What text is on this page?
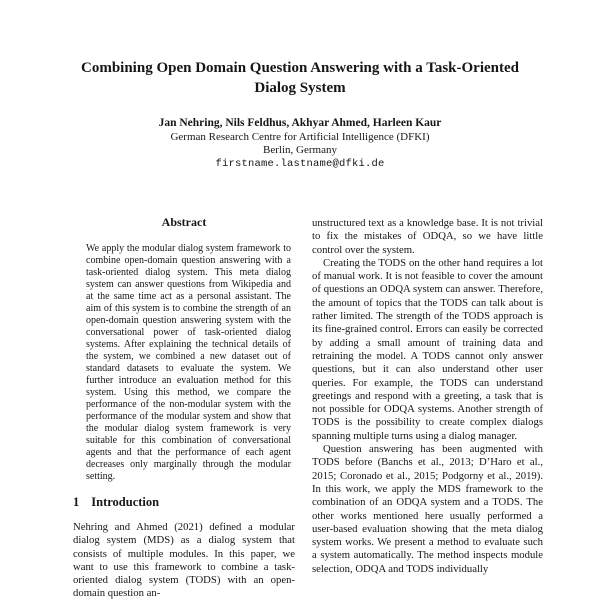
Combining Open Domain Question Answering with a Task-Oriented Dialog System
Jan Nehring, Nils Feldhus, Akhyar Ahmed, Harleen Kaur
German Research Centre for Artificial Intelligence (DFKI)
Berlin, Germany
firstname.lastname@dfki.de
Abstract

We apply the modular dialog system framework to combine open-domain question answering with a task-oriented dialog system. This meta dialog system can answer questions from Wikipedia and at the same time act as a personal assistant. The aim of this system is to combine the strength of an open-domain question answering system with the conversational power of task-oriented dialog systems. After explaining the technical details of the system, we combined a new dataset out of standard datasets to evaluate the system. We further introduce an evaluation method for this system. Using this method, we compare the performance of the non-modular system with the performance of the modular system and show that the modular dialog system framework is very suitable for this combination of conversational agents and that the performance of each agent decreases only marginally through the modular setting.

1 Introduction

Nehring and Ahmed (2021) defined a modular dialog system (MDS) as a dialog system that consists of multiple modules. In this paper, we want to use this framework to combine a task-oriented dialog system (TODS) with an open-domain question an-

unstructured text as a knowledge base. It is not trivial to fix the mistakes of ODQA, so we have little control over the system.

Creating the TODS on the other hand requires a lot of manual work. It is not feasible to cover the amount of questions an ODQA system can answer. Therefore, the amount of topics that the TODS can talk about is rather limited. The strength of the TODS approach is its fine-grained control. Errors can easily be corrected by adding a small amount of training data and retraining the model. A TODS cannot only answer questions, but it can also understand other user queries. For example, the TODS can understand greetings and respond with a greeting, a task that is not possible for ODQA systems. Another strength of TODS is the possibility to create complex dialogs spanning multiple turns using a dialog manager.

Question answering has been augmented with TODS before (Banchs et al., 2013; D’Haro et al., 2015; Coronado et al., 2015; Podgorny et al., 2019). In this work, we apply the MDS framework to the combination of an ODQA system and a TODS. The other works mentioned here usually performed a user-based evaluation showing that the meta dialog system works. We present a method to evaluate such a system automatically. The method inspects module selection, ODQA and TODS individually
